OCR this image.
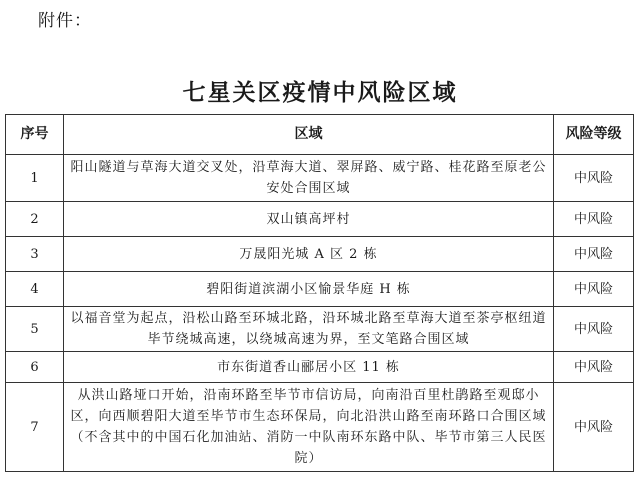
附件：
七星关区疫情中风险区域
序号	区域	风险等级
1	阳山隧道与草海大道交叉处，沿草海大道、翠屏路、威宁路、桂花路至原老公安处合围区域	中风险
2	双山镇高坪村	中风险
3	万晟阳光城 A 区 2 栋	中风险
4	碧阳街道滨湖小区愉景华庭 H 栋	中风险
5	以福音堂为起点，沿松山路至环城北路，沿环城北路至草海大道至茶亭枢纽道毕节绕城高速，以绕城高速为界，至文笔路合围区域	中风险
6	市东街道香山郦居小区 11 栋	中风险
7	从洪山路垭口开始，沿南环路至毕节市信访局，向南沿百里杜鹃路至观邸小区，向西顺碧阳大道至毕节市生态环保局，向北沿洪山路至南环路口合围区域（不含其中的中国石化加油站、消防一中队南环东路中队、毕节市第三人民医院）	中风险
